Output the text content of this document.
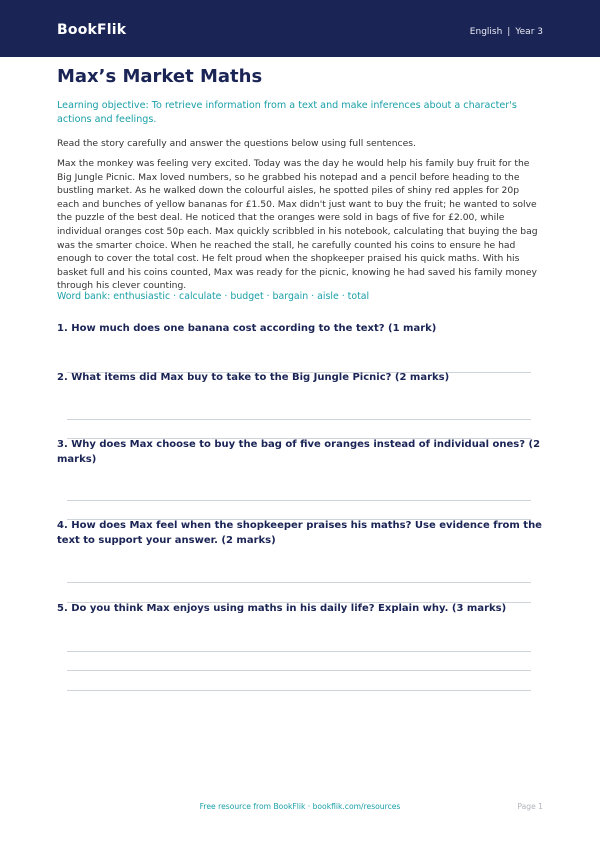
BookFlik	English | Year 3
Max’s Market Maths
Learning objective: To retrieve information from a text and make inferences about a character's actions and feelings.
Read the story carefully and answer the questions below using full sentences.
Max the monkey was feeling very excited. Today was the day he would help his family buy fruit for the Big Jungle Picnic. Max loved numbers, so he grabbed his notepad and a pencil before heading to the bustling market. As he walked down the colourful aisles, he spotted piles of shiny red apples for 20p each and bunches of yellow bananas for £1.50. Max didn't just want to buy the fruit; he wanted to solve the puzzle of the best deal. He noticed that the oranges were sold in bags of five for £2.00, while individual oranges cost 50p each. Max quickly scribbled in his notebook, calculating that buying the bag was the smarter choice. When he reached the stall, he carefully counted his coins to ensure he had enough to cover the total cost. He felt proud when the shopkeeper praised his quick maths. With his basket full and his coins counted, Max was ready for the picnic, knowing he had saved his family money through his clever counting.
Word bank: enthusiastic · calculate · budget · bargain · aisle · total
1. How much does one banana cost according to the text? (1 mark)
2. What items did Max buy to take to the Big Jungle Picnic? (2 marks)
3. Why does Max choose to buy the bag of five oranges instead of individual ones? (2 marks)
4. How does Max feel when the shopkeeper praises his maths? Use evidence from the text to support your answer. (2 marks)
5. Do you think Max enjoys using maths in his daily life? Explain why. (3 marks)
Free resource from BookFlik · bookflik.com/resources	Page 1
